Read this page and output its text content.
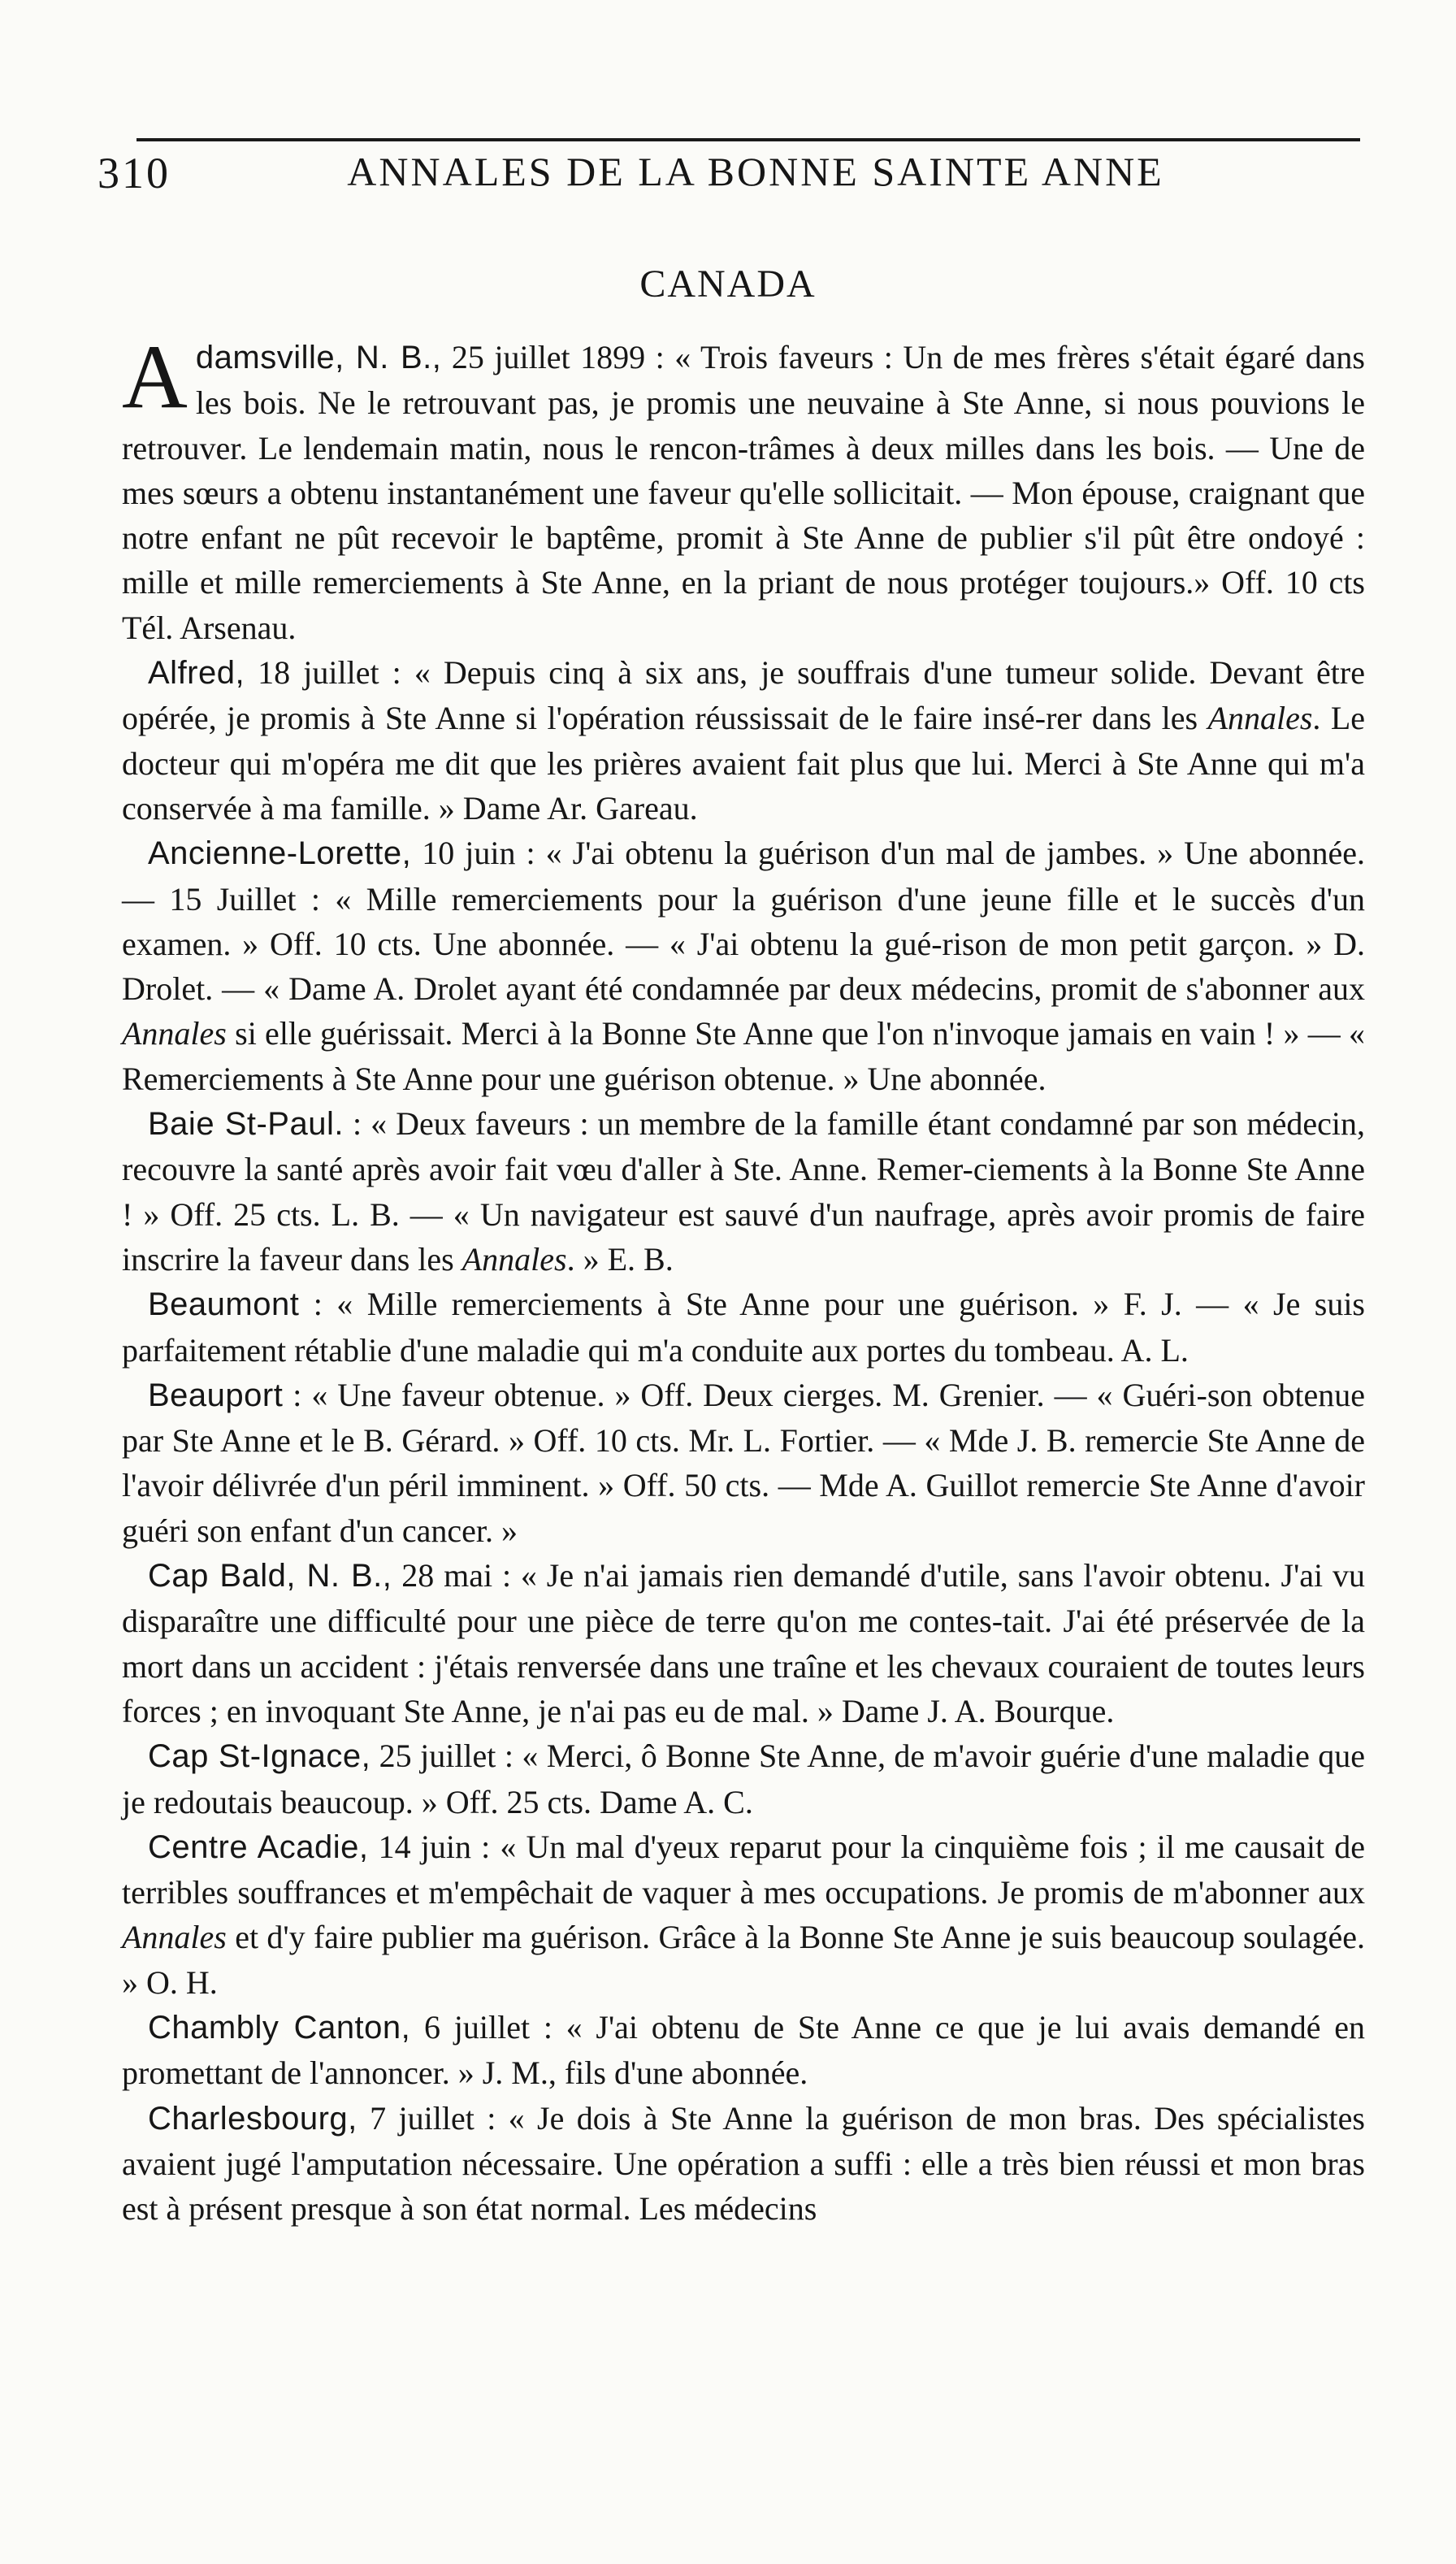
310	ANNALES DE LA BONNE SAINTE ANNE
CANADA

Adamsville, N. B., 25 juillet 1899 : « Trois faveurs : Un de mes frères s'était égaré dans les bois. Ne le retrouvant pas, je promis une neuvaine à Ste Anne, si nous pouvions le retrouver. Le lendemain matin, nous le rencon-trâmes à deux milles dans les bois. — Une de mes sœurs a obtenu instantanément une faveur qu'elle sollicitait. — Mon épouse, craignant que notre enfant ne pût recevoir le baptême, promit à Ste Anne de publier s'il pût être ondoyé : mille et mille remerciements à Ste Anne, en la priant de nous protéger toujours.» Off. 10 cts Tél. Arsenau.

Alfred, 18 juillet : « Depuis cinq à six ans, je souffrais d'une tumeur solide. Devant être opérée, je promis à Ste Anne si l'opération réussissait de le faire insé-rer dans les Annales. Le docteur qui m'opéra me dit que les prières avaient fait plus que lui. Merci à Ste Anne qui m'a conservée à ma famille. » Dame Ar. Gareau.

Ancienne-Lorette, 10 juin : « J'ai obtenu la guérison d'un mal de jambes. » Une abonnée. — 15 Juillet : « Mille remerciements pour la guérison d'une jeune fille et le succès d'un examen. » Off. 10 cts. Une abonnée. — « J'ai obtenu la gué-rison de mon petit garçon. » D. Drolet. — « Dame A. Drolet ayant été condamnée par deux médecins, promit de s'abonner aux Annales si elle guérissait. Merci à la Bonne Ste Anne que l'on n'invoque jamais en vain ! » — « Remerciements à Ste Anne pour une guérison obtenue. » Une abonnée.

Baie St-Paul. : « Deux faveurs : un membre de la famille étant condamné par son médecin, recouvre la santé après avoir fait vœu d'aller à Ste. Anne. Remer-ciements à la Bonne Ste Anne ! » Off. 25 cts. L. B. — « Un navigateur est sauvé d'un naufrage, après avoir promis de faire inscrire la faveur dans les Annales. » E. B.

Beaumont : « Mille remerciements à Ste Anne pour une guérison. » F. J. — « Je suis parfaitement rétablie d'une maladie qui m'a conduite aux portes du tombeau. A. L.

Beauport : « Une faveur obtenue. » Off. Deux cierges. M. Grenier. — « Guéri-son obtenue par Ste Anne et le B. Gérard. » Off. 10 cts. Mr. L. Fortier. — « Mde J. B. remercie Ste Anne de l'avoir délivrée d'un péril imminent. » Off. 50 cts. — Mde A. Guillot remercie Ste Anne d'avoir guéri son enfant d'un cancer. »

Cap Bald, N. B., 28 mai : « Je n'ai jamais rien demandé d'utile, sans l'avoir obtenu. J'ai vu disparaître une difficulté pour une pièce de terre qu'on me contes-tait. J'ai été préservée de la mort dans un accident : j'étais renversée dans une traîne et les chevaux couraient de toutes leurs forces ; en invoquant Ste Anne, je n'ai pas eu de mal. » Dame J. A. Bourque.

Cap St-Ignace, 25 juillet : « Merci, ô Bonne Ste Anne, de m'avoir guérie d'une maladie que je redoutais beaucoup. » Off. 25 cts. Dame A. C.

Centre Acadie, 14 juin : « Un mal d'yeux reparut pour la cinquième fois ; il me causait de terribles souffrances et m'empêchait de vaquer à mes occupations. Je promis de m'abonner aux Annales et d'y faire publier ma guérison. Grâce à la Bonne Ste Anne je suis beaucoup soulagée. » O. H.

Chambly Canton, 6 juillet : « J'ai obtenu de Ste Anne ce que je lui avais demandé en promettant de l'annoncer. » J. M., fils d'une abonnée.

Charlesbourg, 7 juillet : « Je dois à Ste Anne la guérison de mon bras. Des spécialistes avaient jugé l'amputation nécessaire. Une opération a suffi : elle a très bien réussi et mon bras est à présent presque à son état normal. Les médecins
